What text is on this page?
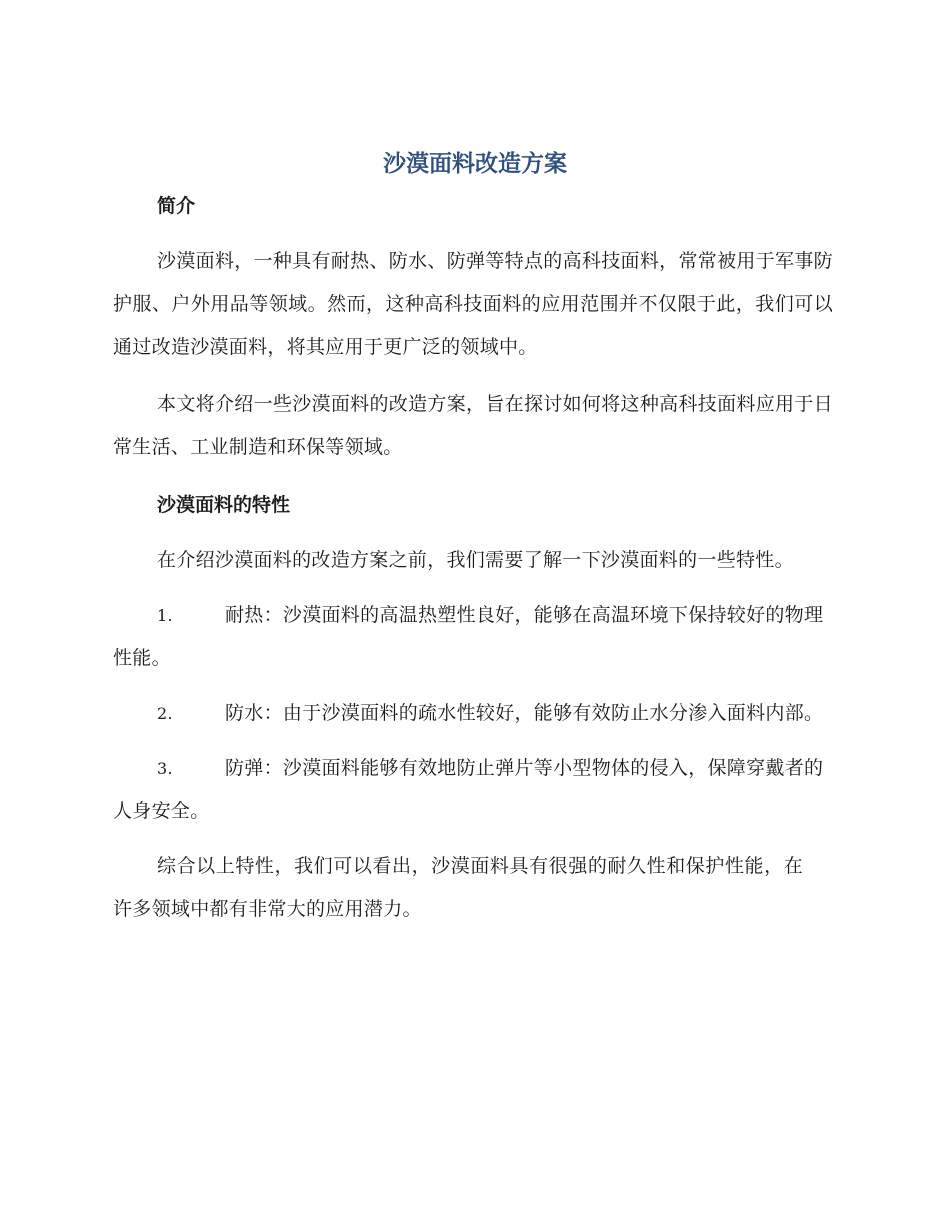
沙漠面料改造方案
简介

沙漠面料，一种具有耐热、防水、防弹等特点的高科技面料，常常被用于军事防护服、户外用品等领域。然而，这种高科技面料的应用范围并不仅限于此，我们可以通过改造沙漠面料，将其应用于更广泛的领域中。

本文将介绍一些沙漠面料的改造方案，旨在探讨如何将这种高科技面料应用于日常生活、工业制造和环保等领域。

沙漠面料的特性

在介绍沙漠面料的改造方案之前，我们需要了解一下沙漠面料的一些特性。

1.	耐热：沙漠面料的高温热塑性良好，能够在高温环境下保持较好的物理性能。

2.	防水：由于沙漠面料的疏水性较好，能够有效防止水分渗入面料内部。

3.	防弹：沙漠面料能够有效地防止弹片等小型物体的侵入，保障穿戴者的人身安全。

综合以上特性，我们可以看出，沙漠面料具有很强的耐久性和保护性能，在许多领域中都有非常大的应用潜力。
